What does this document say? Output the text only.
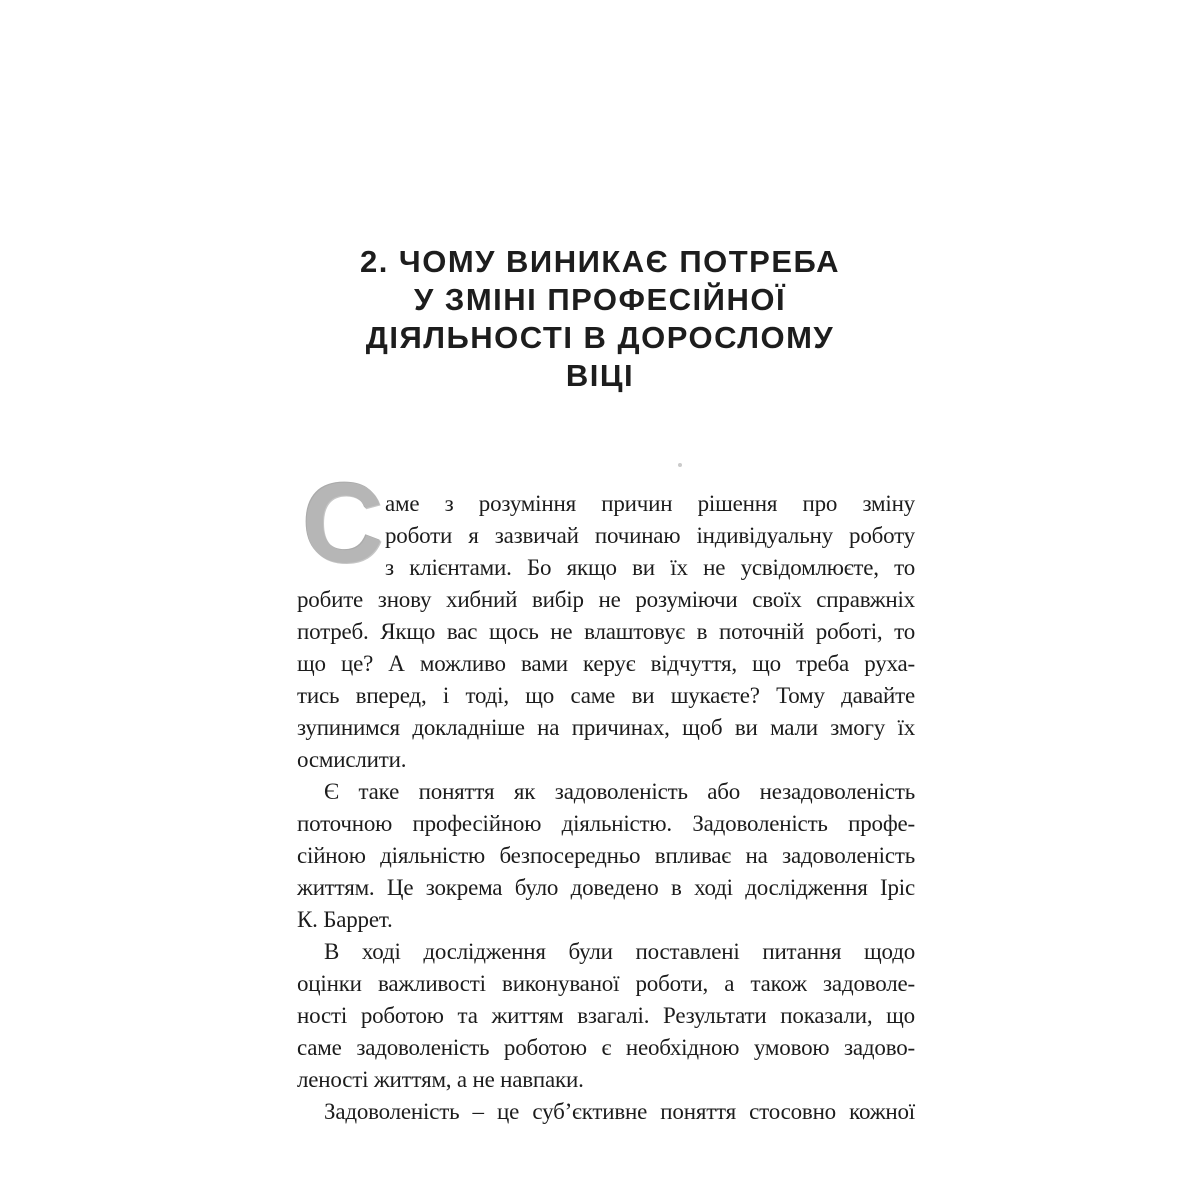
2. ЧОМУ ВИНИКАЄ ПОТРЕБА
У ЗМІНІ ПРОФЕСІЙНОЇ
ДІЯЛЬНОСТІ В ДОРОСЛОМУ
ВІЦІ
С аме з розуміння причин рішення про зміну
роботи я зазвичай починаю індивідуальну роботу
з клієнтами. Бо якщо ви їх не усвідомлюєте, то
робите знову хибний вибір не розуміючи своїх справжніх
потреб. Якщо вас щось не влаштовує в поточній роботі, то
що це? А можливо вами керує відчуття, що треба руха-
тись вперед, і тоді, що саме ви шукаєте? Тому давайте
зупинимся докладніше на причинах, щоб ви мали змогу їх
осмислити.
Є таке поняття як задоволеність або незадоволеність
поточною професійною діяльністю. Задоволеність профе-
сійною діяльністю безпосередньо впливає на задоволеність
життям. Це зокрема було доведено в ході дослідження Іріс
К. Баррет.
В ході дослідження були поставлені питання щодо
оцінки важливості виконуваної роботи, а також задоволе-
ності роботою та життям взагалі. Результати показали, що
саме задоволеність роботою є необхідною умовою задово-
леності життям, а не навпаки.
Задоволеність – це суб’єктивне поняття стосовно кожної
